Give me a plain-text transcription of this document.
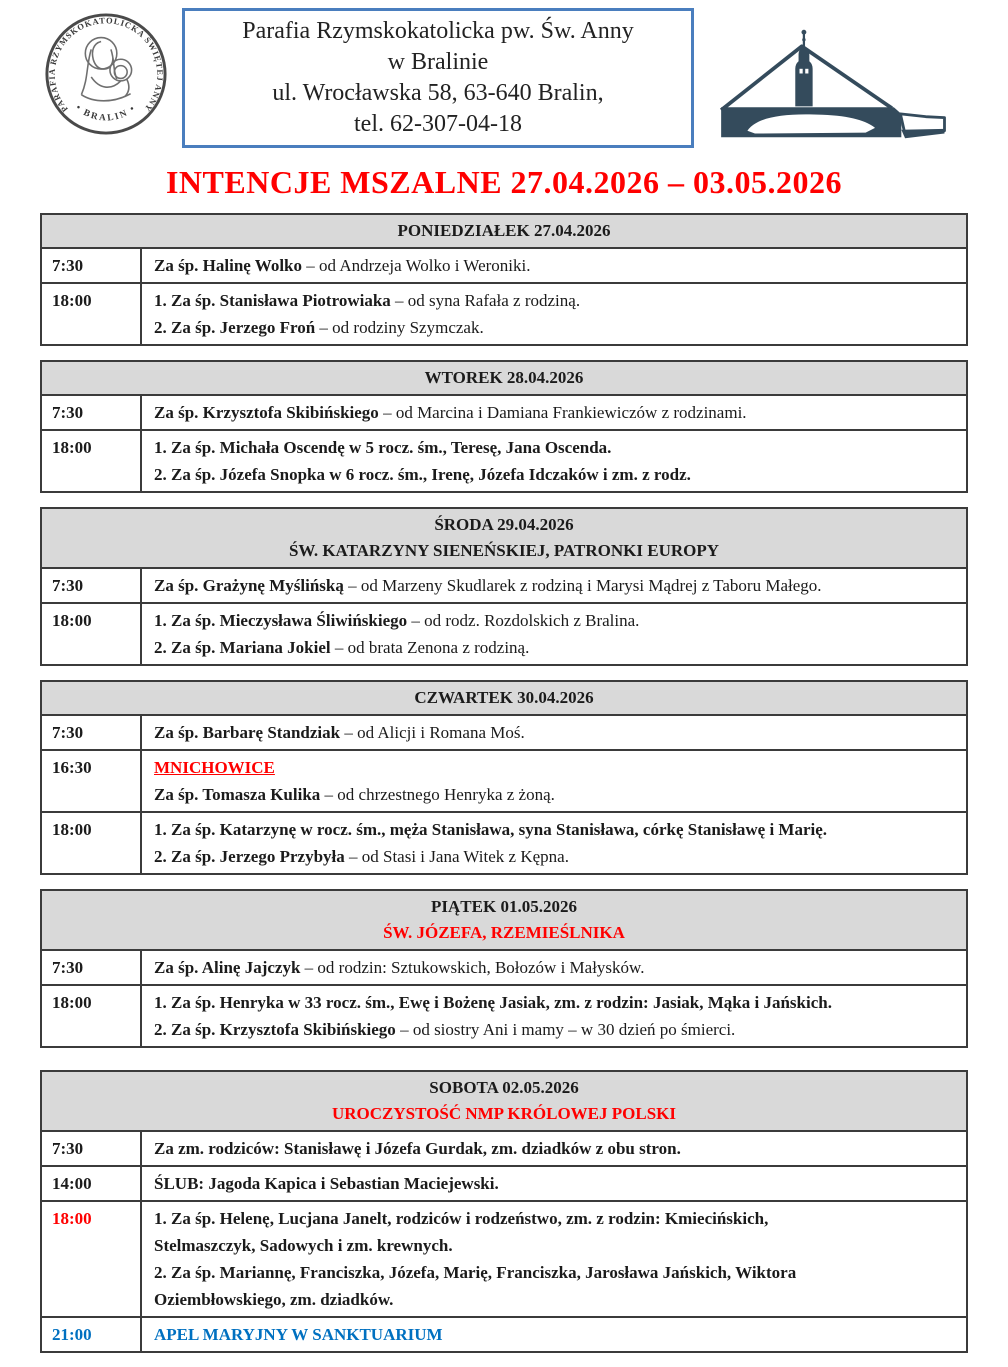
PARAFIA RZYMSKOKATOLICKA ŚWIĘTEJ ANNY
• BRALIN •
Parafia Rzymskokatolicka pw. Św. Anny
w Bralinie
ul. Wrocławska 58, 63-640 Bralin,
tel. 62-307-04-18
INTENCJE MSZALNE 27.04.2026 – 03.05.2026
PONIEDZIAŁEK 27.04.2026
7:30	Za śp. Halinę Wolko – od Andrzeja Wolko i Weroniki.
18:00	1. Za śp. Stanisława Piotrowiaka – od syna Rafała z rodziną.
2. Za śp. Jerzego Froń – od rodziny Szymczak.
WTOREK 28.04.2026
7:30	Za śp. Krzysztofa Skibińskiego – od Marcina i Damiana Frankiewiczów z rodzinami.
18:00	1. Za śp. Michała Oscendę w 5 rocz. śm., Teresę, Jana Oscenda.
2. Za śp. Józefa Snopka w 6 rocz. śm., Irenę, Józefa Idczaków i zm. z rodz.
ŚRODA 29.04.2026
ŚW. KATARZYNY SIENEŃSKIEJ, PATRONKI EUROPY
7:30	Za śp. Grażynę Myślińską – od Marzeny Skudlarek z rodziną i Marysi Mądrej z Taboru Małego.
18:00	1. Za śp. Mieczysława Śliwińskiego – od rodz. Rozdolskich z Bralina.
2. Za śp. Mariana Jokiel – od brata Zenona z rodziną.
CZWARTEK 30.04.2026
7:30	Za śp. Barbarę Standziak – od Alicji i Romana Moś.
16:30	MNICHOWICE
Za śp. Tomasza Kulika – od chrzestnego Henryka z żoną.
18:00	1. Za śp. Katarzynę w rocz. śm., męża Stanisława, syna Stanisława, córkę Stanisławę i Marię.
2. Za śp. Jerzego Przybyła – od Stasi i Jana Witek z Kępna.
PIĄTEK 01.05.2026
ŚW. JÓZEFA, RZEMIEŚLNIKA
7:30	Za śp. Alinę Jajczyk – od rodzin: Sztukowskich, Bołozów i Małysków.
18:00	1. Za śp. Henryka w 33 rocz. śm., Ewę i Bożenę Jasiak, zm. z rodzin: Jasiak, Mąka i Jańskich.
2. Za śp. Krzysztofa Skibińskiego – od siostry Ani i mamy – w 30 dzień po śmierci.
SOBOTA 02.05.2026
UROCZYSTOŚĆ NMP KRÓLOWEJ POLSKI
7:30	Za zm. rodziców: Stanisławę i Józefa Gurdak, zm. dziadków z obu stron.
14:00	ŚLUB: Jagoda Kapica i Sebastian Maciejewski.
18:00	1. Za śp. Helenę, Lucjana Janelt, rodziców i rodzeństwo, zm. z rodzin: Kmiecińskich,
Stelmaszczyk, Sadowych i zm. krewnych.
2. Za śp. Mariannę, Franciszka, Józefa, Marię, Franciszka, Jarosława Jańskich, Wiktora
Oziembłowskiego, zm. dziadków.
21:00	APEL MARYJNY W SANKTUARIUM
